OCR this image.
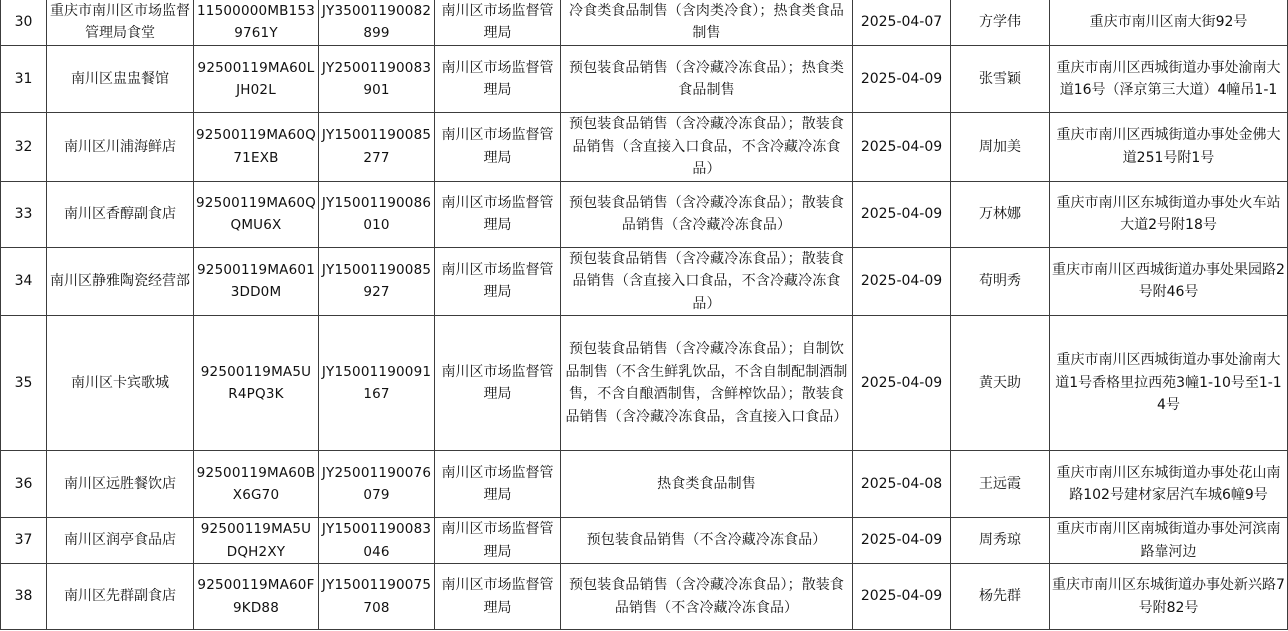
30	重庆市南川区市场监督管理局食堂	11500000MB1539761Y	JY35001190082899	南川区市场监督管理局	冷食类食品制售（含肉类冷食）；热食类食品制售	2025-04-07	方学伟	重庆市南川区南大街92号
31	南川区盅盅餐馆	92500119MA60LJH02L	JY25001190083901	南川区市场监督管理局	预包装食品销售（含冷藏冷冻食品）；热食类食品制售	2025-04-09	张雪颖	重庆市南川区西城街道办事处渝南大道16号（泽京第三大道）4幢吊1-1
32	南川区川浦海鲜店	92500119MA60Q71EXB	JY15001190085277	南川区市场监督管理局	预包装食品销售（含冷藏冷冻食品）；散装食品销售（含直接入口食品，不含冷藏冷冻食品）	2025-04-09	周加美	重庆市南川区西城街道办事处金佛大道251号附1号
33	南川区香醇副食店	92500119MA60QQMU6X	JY15001190086010	南川区市场监督管理局	预包装食品销售（含冷藏冷冻食品）；散装食品销售（含冷藏冷冻食品）	2025-04-09	万林娜	重庆市南川区东城街道办事处火车站大道2号附18号
34	南川区静雅陶瓷经营部	92500119MA6013DD0M	JY15001190085927	南川区市场监督管理局	预包装食品销售（含冷藏冷冻食品）；散装食品销售（含直接入口食品，不含冷藏冷冻食品）	2025-04-09	苟明秀	重庆市南川区西城街道办事处果园路2号附46号
35	南川区卡宾歌城	92500119MA5UR4PQ3K	JY15001190091167	南川区市场监督管理局	预包装食品销售（含冷藏冷冻食品）；自制饮品制售（不含生鲜乳饮品，不含自制配制酒制售，不含自酿酒制售，含鲜榨饮品）；散装食品销售（含冷藏冷冻食品，含直接入口食品）	2025-04-09	黄天助	重庆市南川区西城街道办事处渝南大道1号香格里拉西苑3幢1-10号至1-14号
36	南川区远胜餐饮店	92500119MA60BX6G70	JY25001190076079	南川区市场监督管理局	热食类食品制售	2025-04-08	王远霞	重庆市南川区东城街道办事处花山南路102号建材家居汽车城6幢9号
37	南川区润亭食品店	92500119MA5UDQH2XY	JY15001190083046	南川区市场监督管理局	预包装食品销售（不含冷藏冷冻食品）	2025-04-09	周秀琼	重庆市南川区南城街道办事处河滨南路靠河边
38	南川区先群副食店	92500119MA60F9KD88	JY15001190075708	南川区市场监督管理局	预包装食品销售（含冷藏冷冻食品）；散装食品销售（不含冷藏冷冻食品）	2025-04-09	杨先群	重庆市南川区东城街道办事处新兴路7号附82号
